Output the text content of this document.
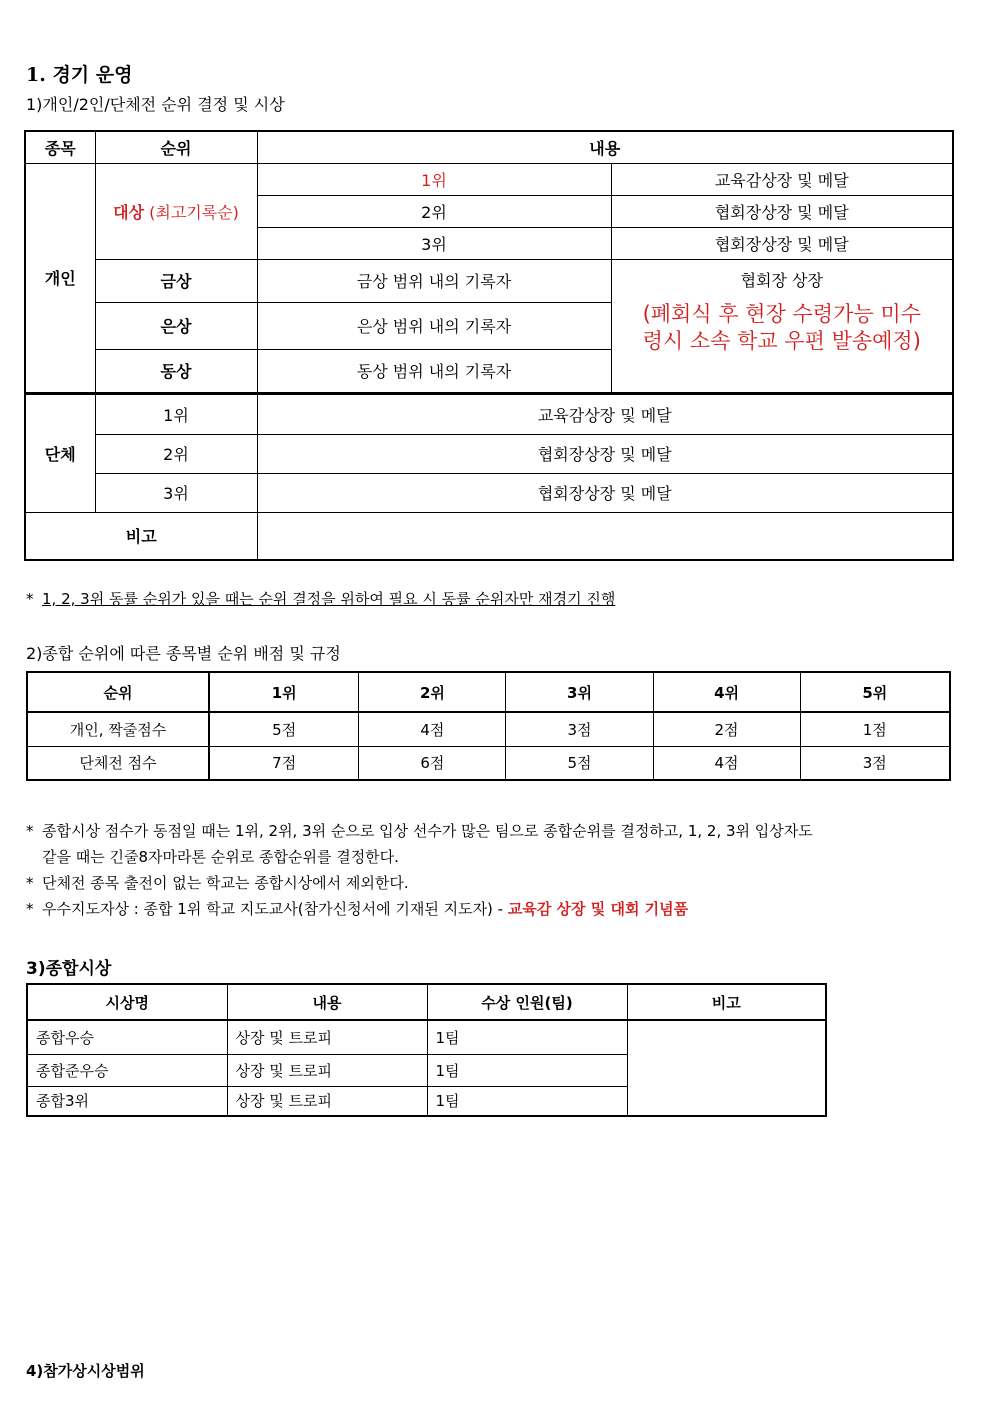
1. 경기 운영
1)개인/2인/단체전 순위 결정 및 시상
종목	순위	내용	
개인	대상 (최고기록순)	1위	교육감상장 및 메달
		2위	협회장상장 및 메달
		3위	협회장상장 및 메달
	금상	금상 범위 내의 기록자	협회장 상장
(폐회식 후 현장 수령가능 미수령시 소속 학교 우편 발송예정)

	은상	은상 범위 내의 기록자	
	동상	동상 범위 내의 기록자	
단체	1위	교육감상장 및 메달	
	2위	협회장상장 및 메달	
	3위	협회장상장 및 메달	
비고			
* 1, 2, 3위 동률 순위가 있을 때는 순위 결정을 위하여 필요 시 동률 순위자만 재경기 진행
2)종합 순위에 따른 종목별 순위 배점 및 규정
순위	1위	2위	3위	4위	5위
개인, 짝줄점수	5점	4점	3점	2점	1점
단체전 점수	7점	6점	5점	4점	3점
* 종합시상 점수가 동점일 때는 1위, 2위, 3위 순으로 입상 선수가 많은 팀으로 종합순위를 결정하고, 1, 2, 3위 입상자도
같을 때는 긴줄8자마라톤 순위로 종합순위를 결정한다.
* 단체전 종목 출전이 없는 학교는 종합시상에서 제외한다.
* 우수지도자상 : 종합 1위 학교 지도교사(참가신청서에 기재된 지도자) - 교육감 상장 및 대회 기념품
3)종합시상
시상명	내용	수상 인원(팀)	비고
종합우승	상장 및 트로피	1팀	
종합준우승	상장 및 트로피	1팀	
종합3위	상장 및 트로피	1팀	
4)참가상시상범위
